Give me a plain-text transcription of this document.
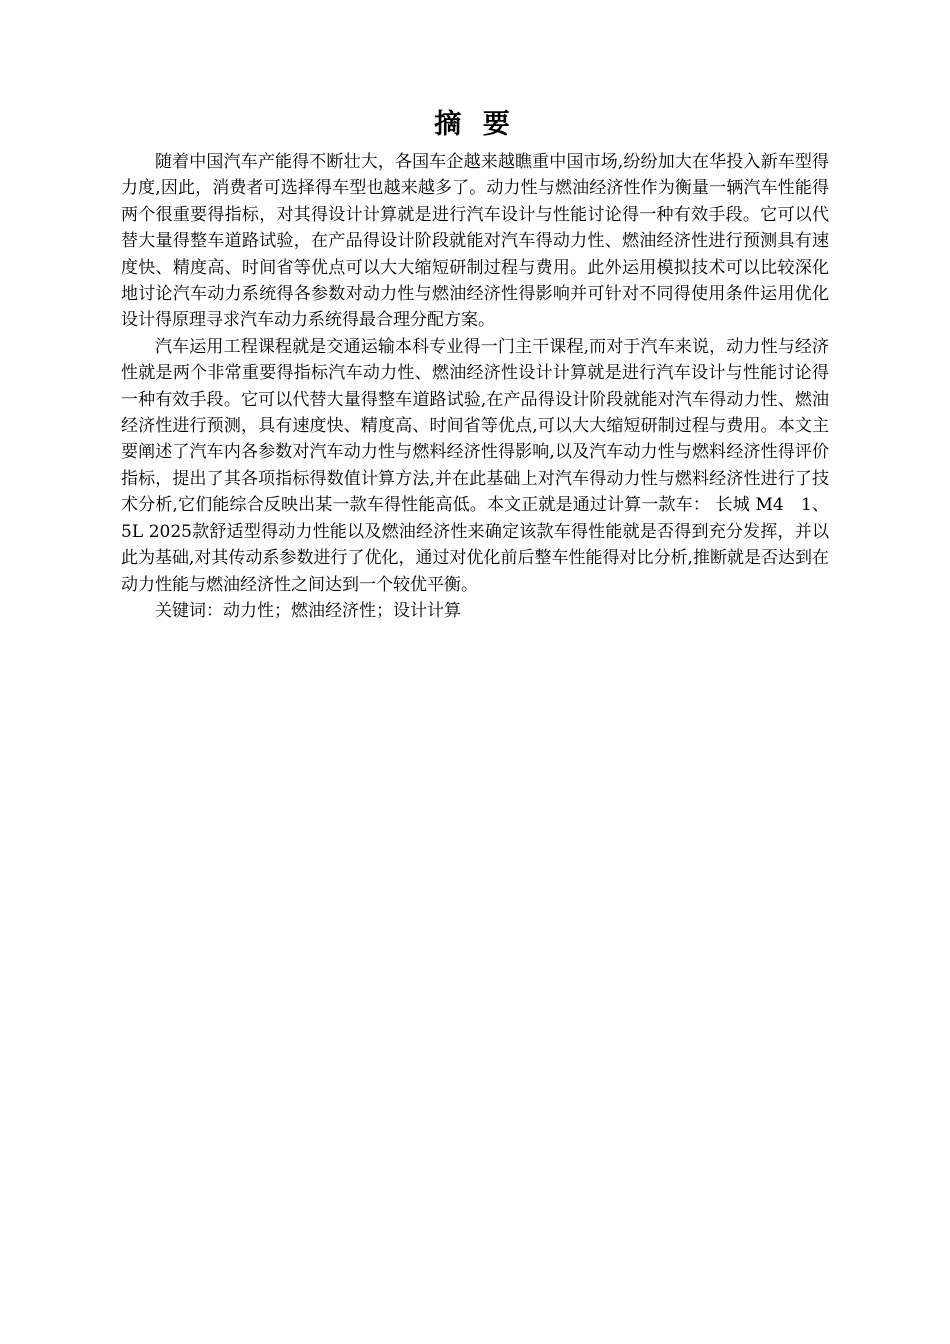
摘 要

随着中国汽车产能得不断壮大，各国车企越来越瞧重中国市场,纷纷加大在华投入新车型得力度,因此，消费者可选择得车型也越来越多了。动力性与燃油经济性作为衡量一辆汽车性能得两个很重要得指标，对其得设计计算就是进行汽车设计与性能讨论得一种有效手段。它可以代替大量得整车道路试验，在产品得设计阶段就能对汽车得动力性、燃油经济性进行预测具有速度快、精度高、时间省等优点可以大大缩短研制过程与费用。此外运用模拟技术可以比较深化地讨论汽车动力系统得各参数对动力性与燃油经济性得影响并可针对不同得使用条件运用优化设计得原理寻求汽车动力系统得最合理分配方案。

汽车运用工程课程就是交通运输本科专业得一门主干课程,而对于汽车来说，动力性与经济性就是两个非常重要得指标汽车动力性、燃油经济性设计计算就是进行汽车设计与性能讨论得一种有效手段。它可以代替大量得整车道路试验,在产品得设计阶段就能对汽车得动力性、燃油经济性进行预测，具有速度快、精度高、时间省等优点,可以大大缩短研制过程与费用。本文主要阐述了汽车内各参数对汽车动力性与燃料经济性得影响,以及汽车动力性与燃料经济性得评价指标，提出了其各项指标得数值计算方法,并在此基础上对汽车得动力性与燃料经济性进行了技术分析,它们能综合反映出某一款车得性能高低。本文正就是通过计算一款车： 长城 M4　1、5L 2025款舒适型得动力性能以及燃油经济性来确定该款车得性能就是否得到充分发挥，并以此为基础,对其传动系参数进行了优化，通过对优化前后整车性能得对比分析,推断就是否达到在动力性能与燃油经济性之间达到一个较优平衡。

关键词：动力性；燃油经济性；设计计算
